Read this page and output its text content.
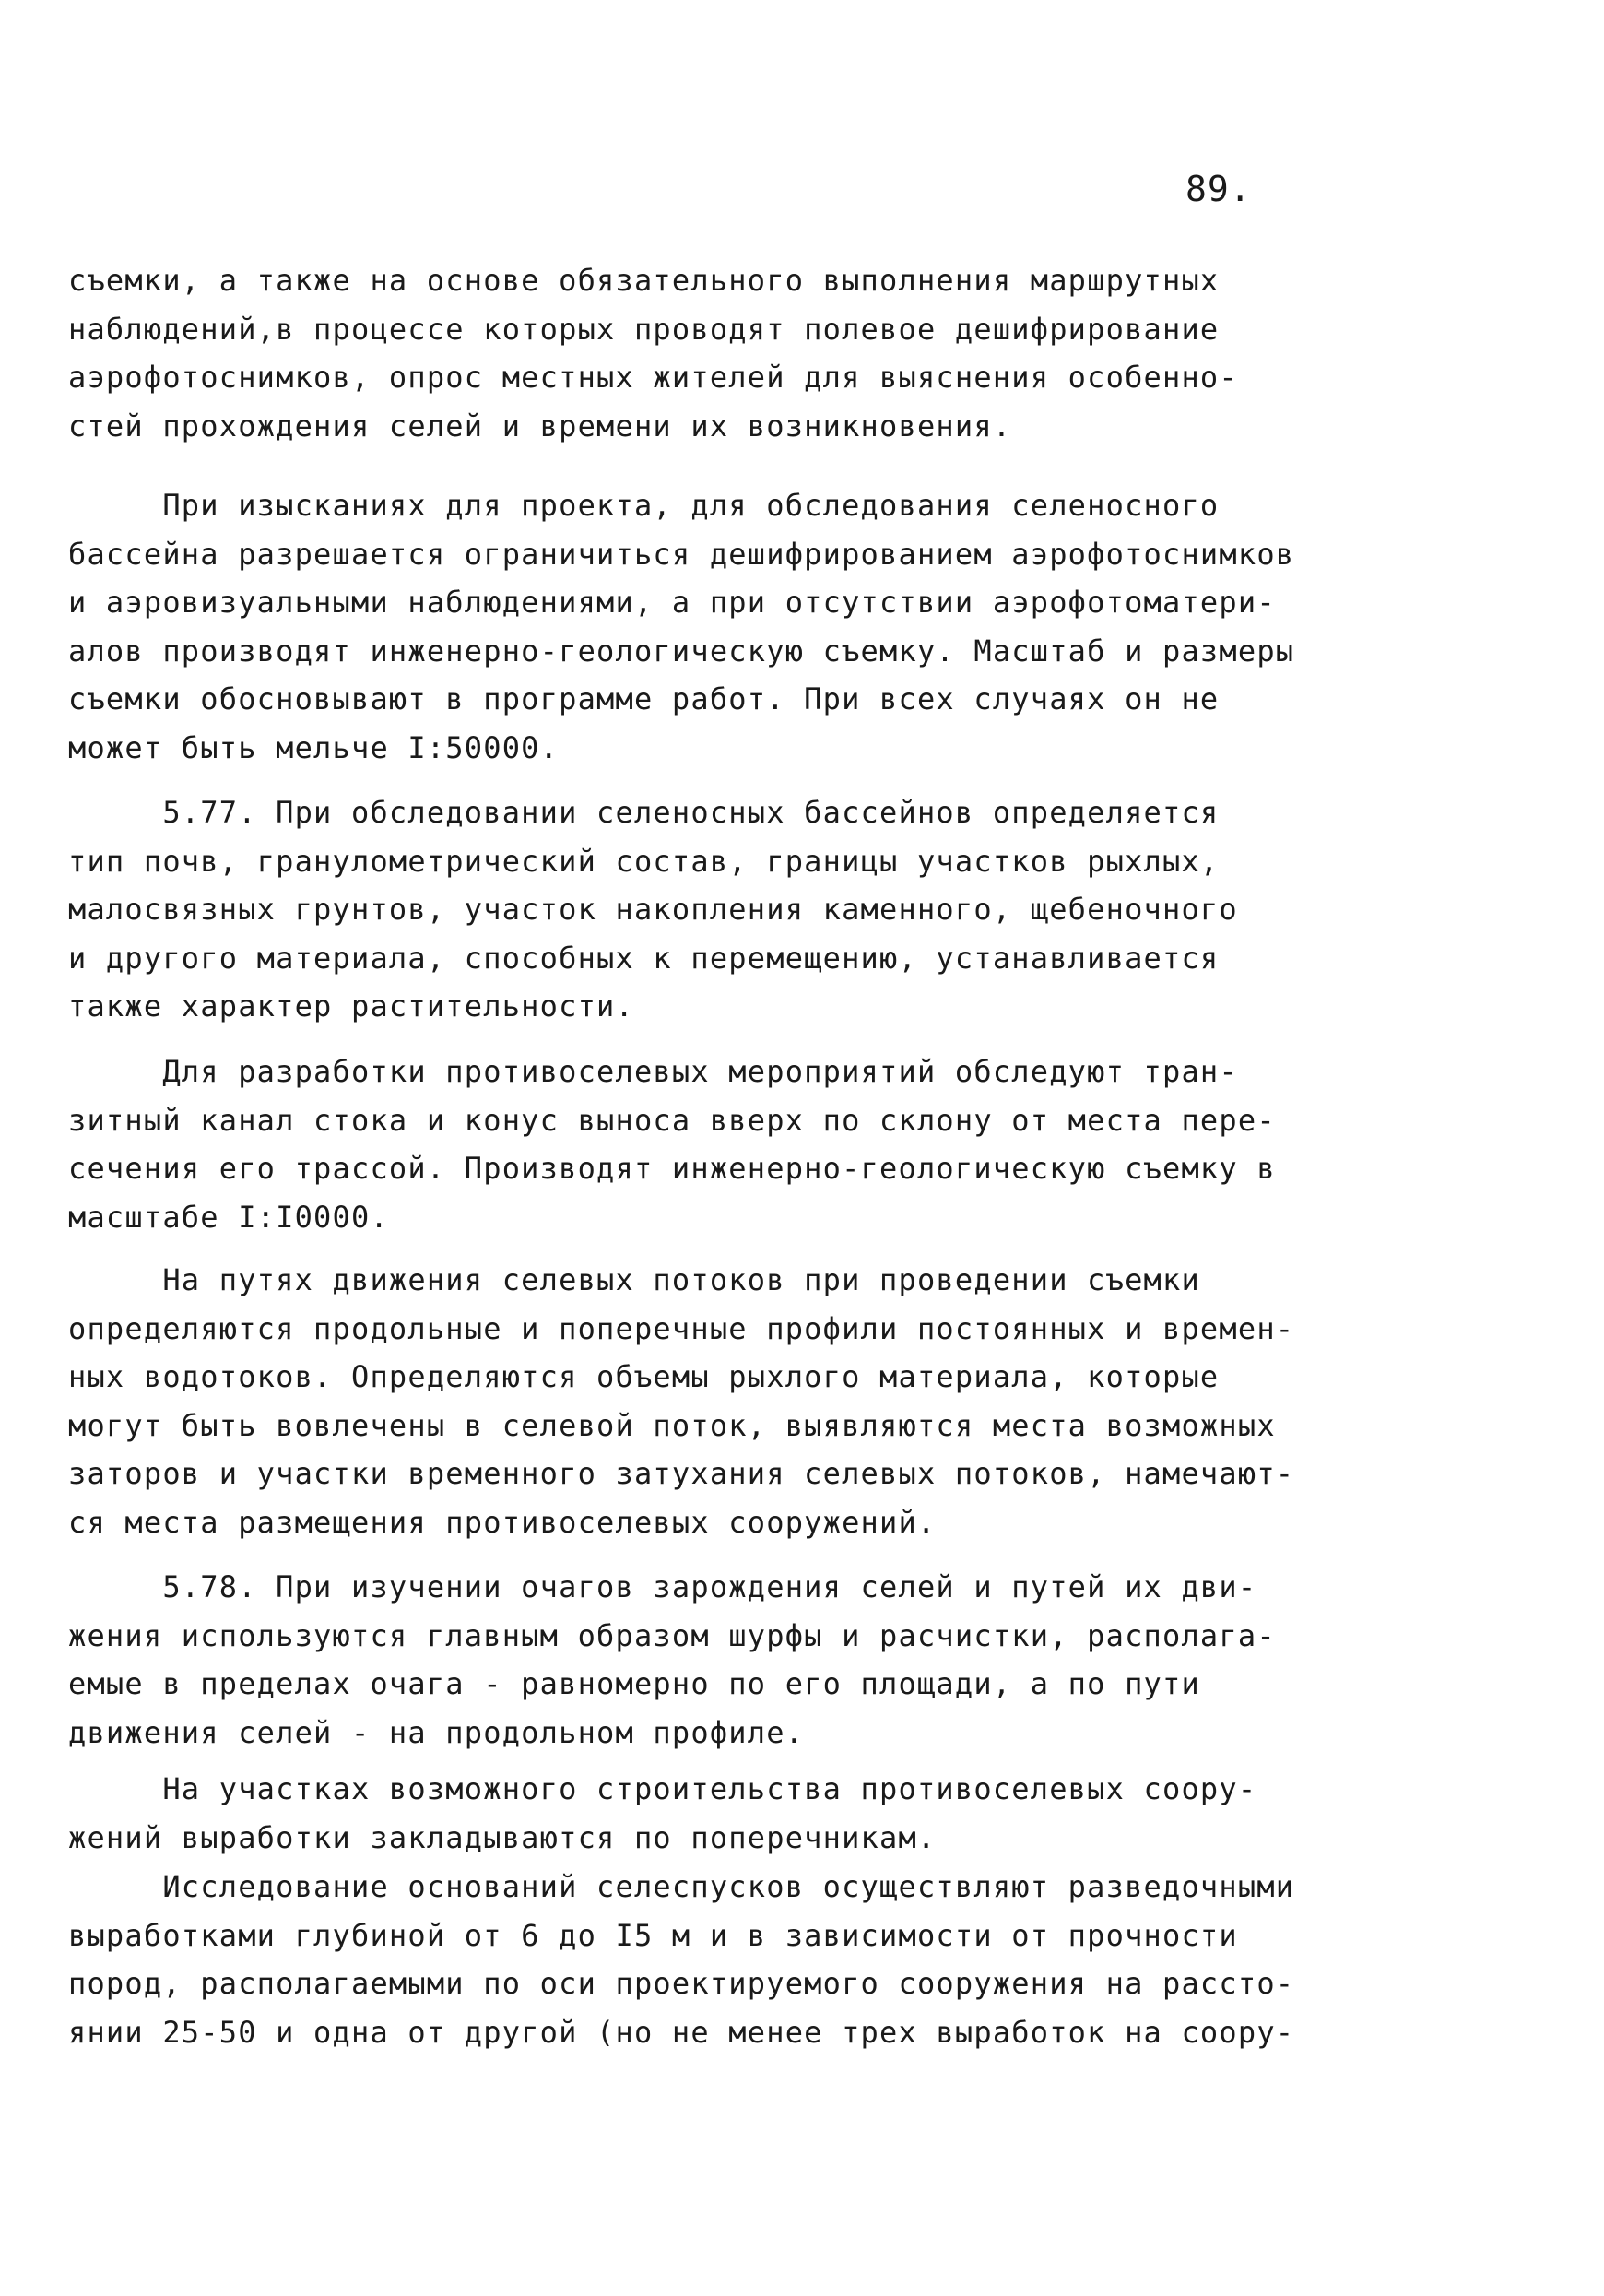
89.
съемки, а также на основе обязательного выполнения маршрутных
наблюдений,в процессе которых проводят полевое дешифрирование
аэрофотоснимков, опрос местных жителей для выяснения особенно-
стей прохождения селей и времени их возникновения.
При изысканиях для проекта, для обследования селеносного
бассейна разрешается ограничиться дешифрированием аэрофотоснимков
и аэровизуальными наблюдениями, а при отсутствии аэрофотоматери-
алов производят инженерно-геологическую съемку. Масштаб и размеры
съемки обосновывают в программе работ. При всех случаях он не
может быть мельче I:50000.
5.77. При обследовании селеносных бассейнов определяется
тип почв, гранулометрический состав, границы участков рыхлых,
малосвязных грунтов, участок накопления каменного, щебеночного
и другого материала, способных к перемещению, устанавливается
также характер растительности.
Для разработки противоселевых мероприятий обследуют тран-
зитный канал стока и конус выноса вверх по склону от места пере-
сечения его трассой. Производят инженерно-геологическую съемку в
масштабе I:I0000.
На путях движения селевых потоков при проведении съемки
определяются продольные и поперечные профили постоянных и времен-
ных водотоков. Определяются объемы рыхлого материала, которые
могут быть вовлечены в селевой поток, выявляются места возможных
заторов и участки временного затухания селевых потоков, намечают-
ся места размещения противоселевых сооружений.
5.78. При изучении очагов зарождения селей и путей их дви-
жения используются главным образом шурфы и расчистки, располага-
емые в пределах очага - равномерно по его площади, а по пути
движения селей - на продольном профиле.
На участках возможного строительства противоселевых соору-
жений выработки закладываются по поперечникам.
Исследование оснований селеспусков осуществляют разведочными
выработками глубиной от 6 до I5 м и в зависимости от прочности
пород, располагаемыми по оси проектируемого сооружения на рассто-
янии 25-50 и одна от другой (но не менее трех выработок на соору-
